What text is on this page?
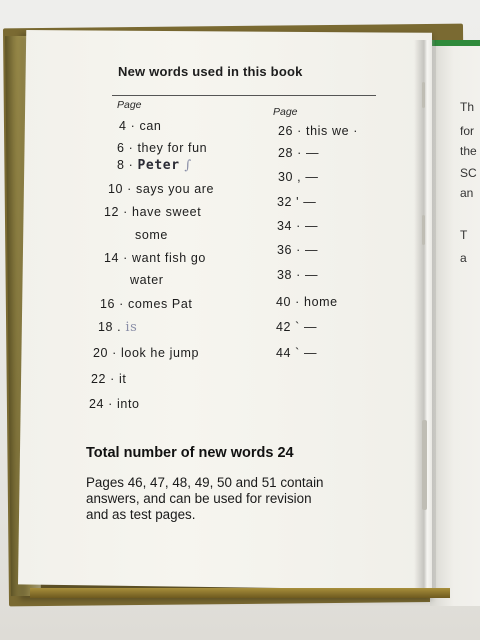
Th
for
the
SC
an
T
a
New words used in this book
Page
Page
4 · can
6 · they for fun
8 · Peter ∫
10 · says you are
12 · have sweet
some
14 · want fish go
water
16 · comes Pat
18 . is
20 · look he jump
22 · it
24 · into
26 · this we ·
28 · —
30 , —
32 ' —
34 · —
36 · —
38 · —
40 · home
42 ` —
44 ` —
Total number of new words 24
Pages 46, 47, 48, 49, 50 and 51 contain
answers, and can be used for revision
and as test pages.
